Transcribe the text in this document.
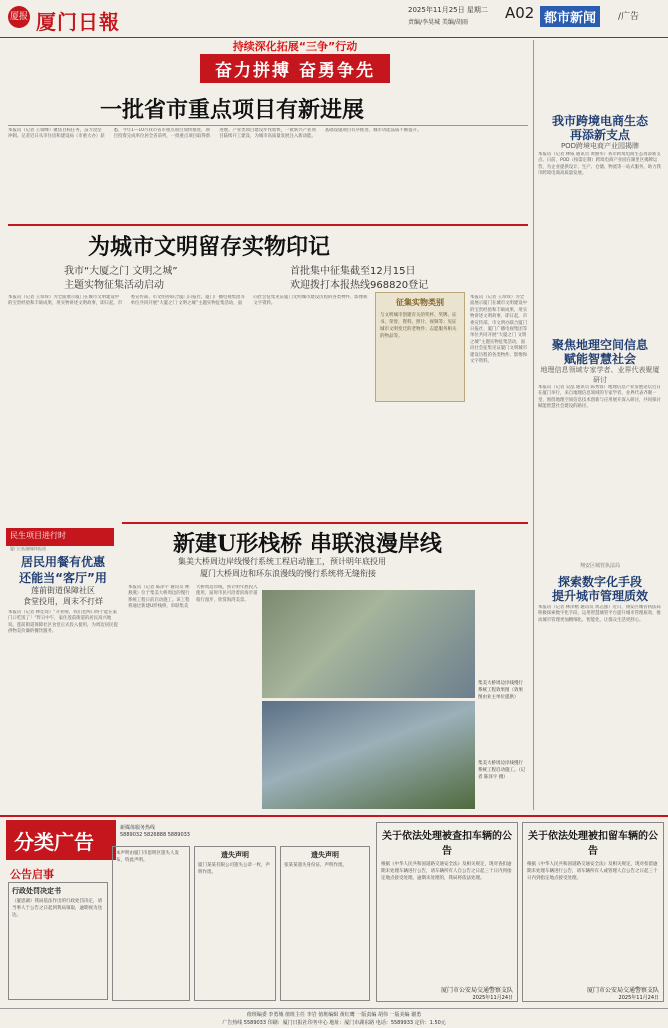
厦报 厦门日報	2025年11月25日 星期二
责编/李昊城 美编/胡雨
A02 都市新闻	/广告
持续深化拓展“三争”行动
奋力拼搏 奋勇争先
一批省市重点项目有新进展
本报讯（记者 王瑞峰）聚焦目标任务，奋力攻坚冲刺。记者近日从市住房和建设局（市重大办）获悉，今年1—10月我市省市重点项目加快推进，项目投资完成率位居全省前列，一批重点项目取得新进展。产业类项目建设步伐加快，一批新兴产业项目陆续开工建设，为城市高质量发展注入新动能。基础设施项目有序推进，城市功能品质不断提升。
为城市文明留存实物印记
我市“大厦之门 文明之城”
主题实物征集活动启动
首批集中征集截至12月15日
欢迎拨打本报热线968820登记
本报讯（记者 王珍珍）为全面展示厦门在城市文明建设中的宝贵经验和丰硕成果，用实物讲述文明故事，即日起，市委宣传部、市文明办联合厦门日报社、厦门广播电视集团等单位共同开展“大厦之门 文明之城”主题实物征集活动，面向社会征集见证厦门文明城市建设历程的各类物件、影像和文字资料。	征集实物类别
与文明城市创建有关的奖杯、奖牌、证书、荣誉、资料、照片、视频等；见证城市文明变迁的老物件；志愿服务相关的物品等。
本报讯（记者 王珍珍）为全面展示厦门在城市文明建设中的宝贵经验和丰硕成果，用实物讲述文明故事，即日起，市委宣传部、市文明办联合厦门日报社、厦门广播电视集团等单位共同开展“大厦之门 文明之城”主题实物征集活动，面向社会征集见证厦门文明城市建设历程的各类物件、影像和文字资料。
民生项目进行时
厦门日报融媒体报道
居民用餐有优惠
还能当“客厅”用
莲前街道保障社区
食堂投用，周末不打烊
本报讯（记者 林佳琦）“开业啦，我们老两口终于能在家门口吃饭了！”昨日中午，家住莲前街道的居民高兴地说。莲前街道保障社区食堂正式投入使用，为周边居民提供物美价廉的餐饮服务。
新建U形栈桥 串联浪漫岸线
集美大桥周边岸线慢行系统工程启动施工，预计明年底投用
厦门大桥周边和环东浪漫线的慢行系统将无缝衔接
本报讯（记者 陈泽宇 通讯员 林燕燕）位于集美大桥周边的慢行系统工程日前启动施工。该工程将通过新建U形栈桥，串联集美大桥周边岸线，预计明年底投入使用，届时市民可沿着滨海步道骑行漫步，欣赏海湾美景。
集美大桥周边岸线慢行系统工程效果图（效果图由业主单位提供）
集美大桥周边岸线慢行系统工程启动施工。（记者 陈泽宇 摄）
我市跨境电商生态
再添新支点
POD跨境电商产业园揭牌
本报讯（记者 林威 通讯员 黄丽华）我市跨境电商生态再添新支点。日前，POD（按需定制）跨境电商产业园在湖里区揭牌运营，为企业提供设计、生产、仓储、物流等一站式服务，助力我市跨境电商高质量发展。
聚焦地理空间信息
赋能智慧社会
地理信息领域专家学者、业界代表聚厦研讨
本报讯（记者 吴泓 通讯员 陈秀蓉）地理信息产业发展论坛近日在厦门举行，来自地理信息领域的专家学者、业界代表齐聚一堂，围绕地理空间信息技术创新与应用展开深入研讨，共同探讨赋能智慧社会建设的路径。
翔安区城管执法局
探索数字化手段
提升城市管理质效
本报讯（记者 林泽楷 通讯员 黄志强）近日，翔安区城管执法局积极探索数字化手段，运用智慧城管平台提升城市管理质效，推动城市管理更加精细化、智能化，让群众生活更舒心。
分类广告
新媒体服务热线
5889032 5826888 5889033
公告启事
行政处罚决定书
（厦思湖）我局依法作出的行政处罚决定，请当事人于公告之日起到我局领取，逾期视为送达。
本声明由厦门市思明区遗失人发布，特此声明。
遗失声明
厦门某某有限公司遗失公章一枚，声明作废。
遗失声明
张某某遗失身份证，声明作废。
关于依法处理被查扣车辆的公告
根据《中华人民共和国道路交通安全法》及相关规定，现对查扣逾期未处理车辆进行公告，请车辆所有人自公告之日起三十日内到指定地点接受处理。逾期未处理的，我局将依法处理。
厦门市公安局交通警察支队
2025年11月24日
关于依法处理被扣留车辆的公告
根据《中华人民共和国道路交通安全法》及相关规定，现对扣留逾期未处理车辆进行公告，请车辆所有人或管理人自公告之日起三十日内到指定地点接受处理。
厦门市公安局交通警察支队
2025年11月24日
值班编委 李勇城 值班主任 李岩 值班编辑 黄红鹰 一版责编 胡伟 一版美编 谢勇
广告热线 5589033 印刷：厦门日报社印务中心 地址：厦门市湖东路 电话：5589933 定价：1.50元
